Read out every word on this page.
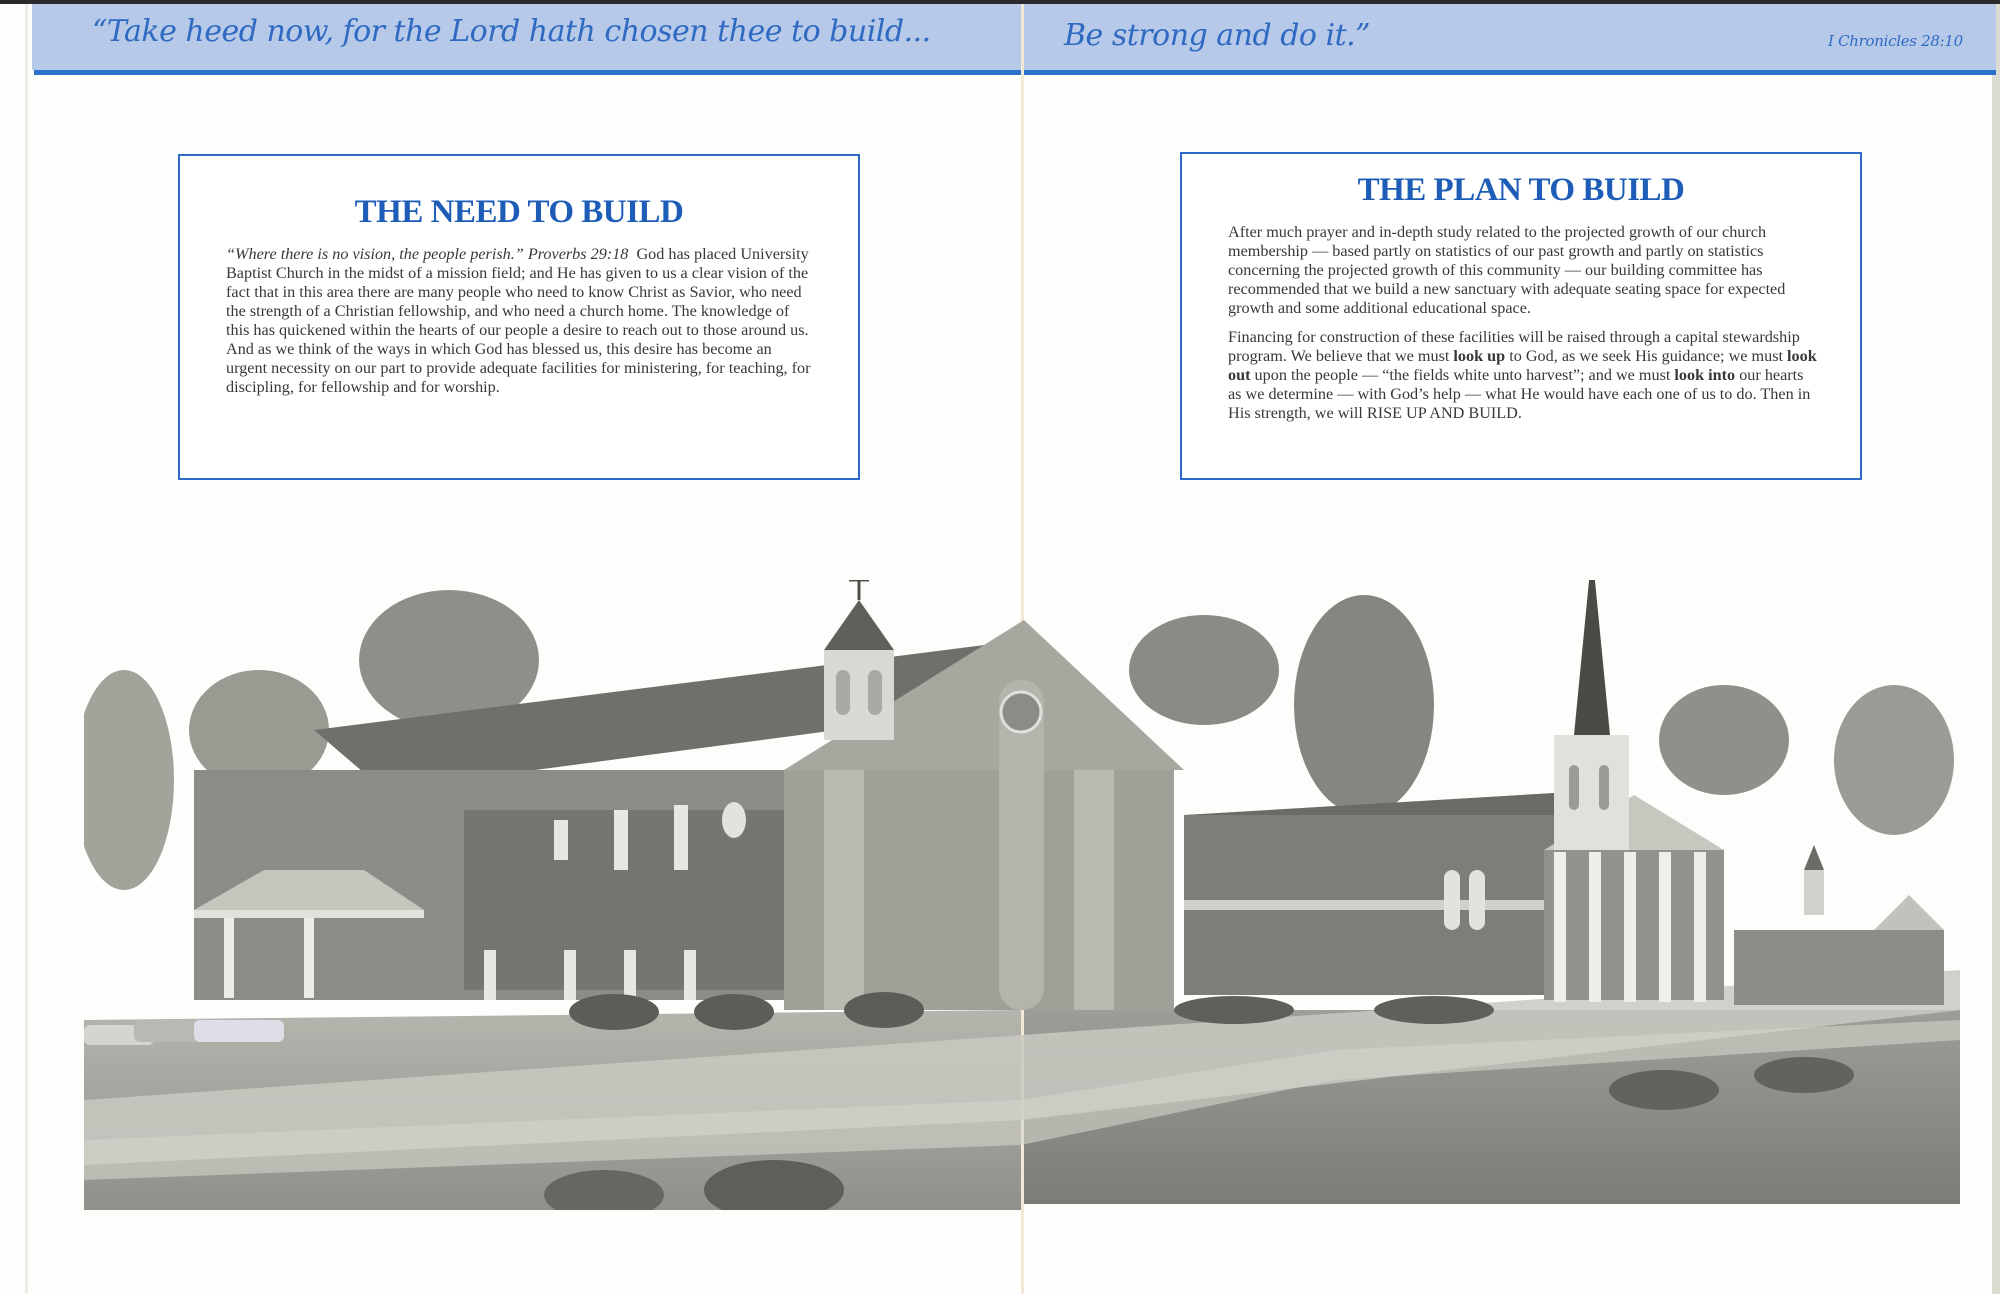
“Take heed now, for the Lord hath chosen thee to build...	Be strong and do it.”	I Chronicles 28:10
THE NEED TO BUILD

“Where there is no vision, the people perish.” Proverbs 29:18 God has placed University Baptist Church in the midst of a mission field; and He has given to us a clear vision of the fact that in this area there are many people who need to know Christ as Savior, who need the strength of a Christian fellowship, and who need a church home. The knowledge of this has quickened within the hearts of our people a desire to reach out to those around us. And as we think of the ways in which God has blessed us, this desire has become an urgent necessity on our part to provide adequate facilities for ministering, for teaching, for discipling, for fellowship and for worship.

THE PLAN TO BUILD

After much prayer and in-depth study related to the projected growth of our church membership — based partly on statistics of our past growth and partly on statistics concerning the projected growth of this community — our building committee has recommended that we build a new sanctuary with adequate seating space for expected growth and some additional educational space.

Financing for construction of these facilities will be raised through a capital stewardship program. We believe that we must look up to God, as we seek His guidance; we must look out upon the people — “the fields white unto harvest”; and we must look into our hearts as we determine — with God’s help — what He would have each one of us to do. Then in His strength, we will RISE UP AND BUILD.
